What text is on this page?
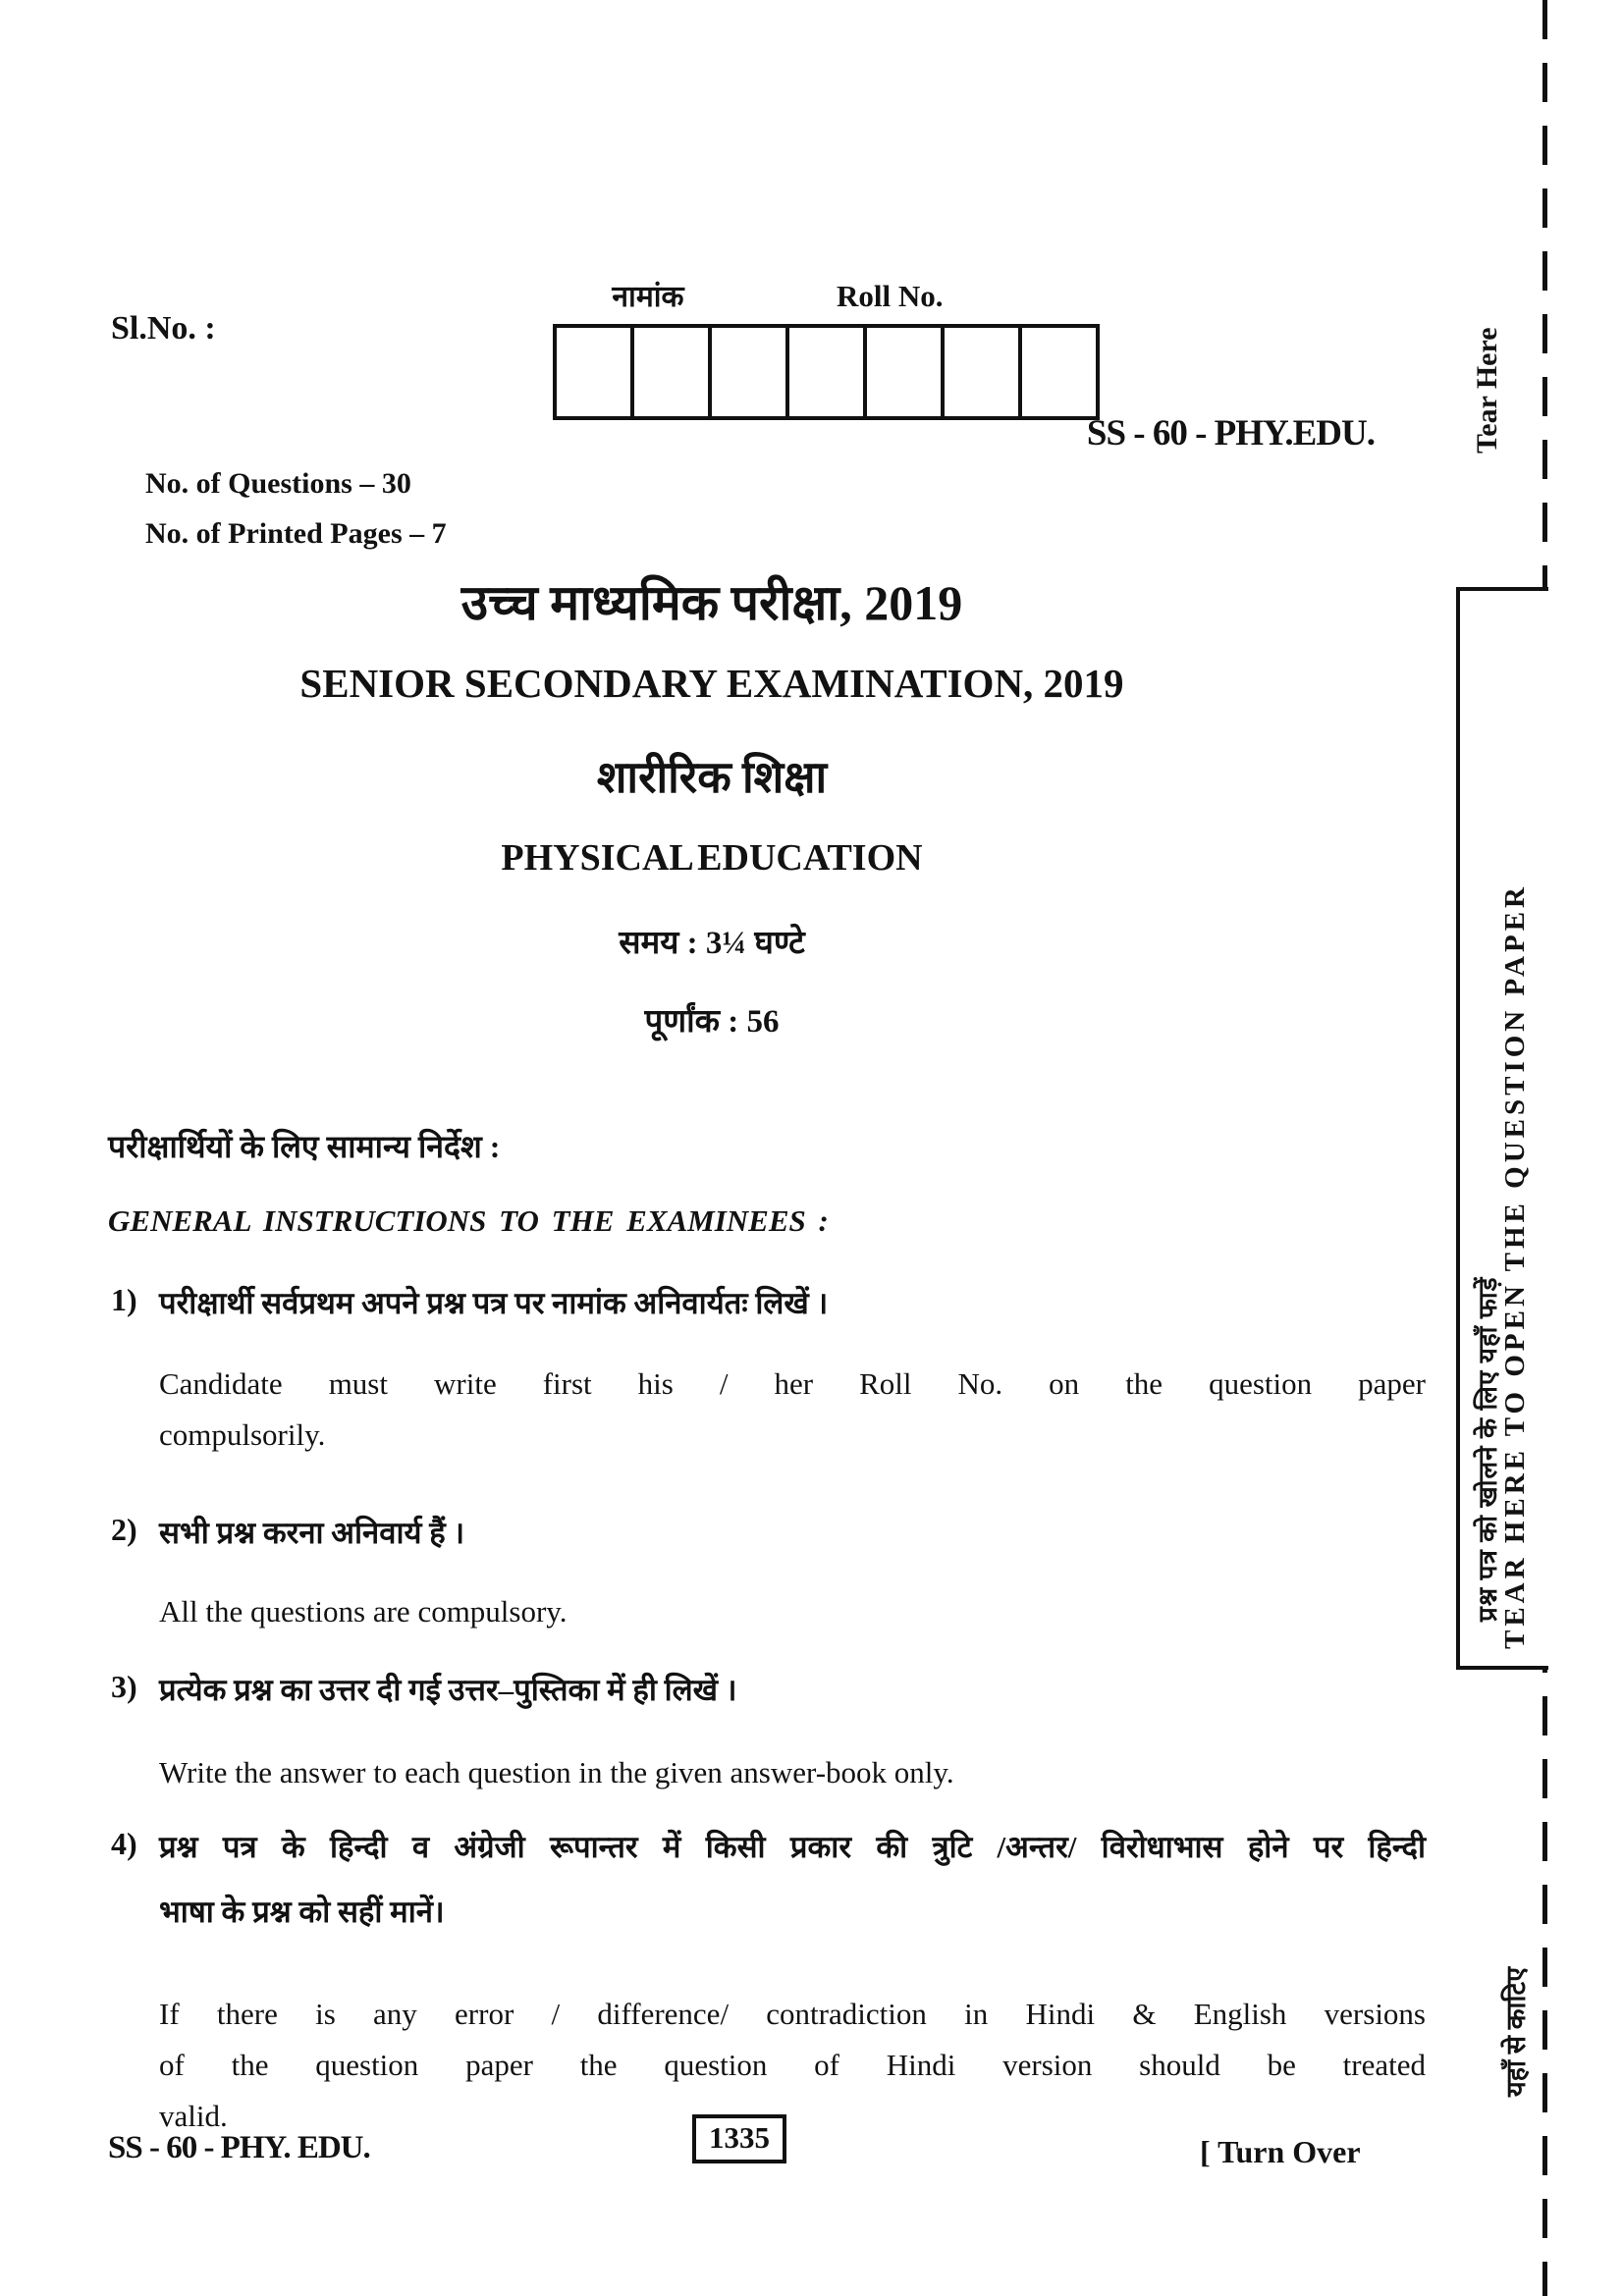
Sl.No. :
नामांक	Roll No.
SS - 60 - PHY.EDU.
No. of Questions – 30
No. of Printed Pages – 7
उच्च माध्यमिक परीक्षा, 2019
SENIOR SECONDARY EXAMINATION, 2019
शारीरिक शिक्षा
PHYSICAL EDUCATION
समय : 3¼ घण्टे
पूर्णांक : 56
परीक्षार्थियों के लिए सामान्य निर्देश :
GENERAL INSTRUCTIONS TO THE EXAMINEES :
1) परीक्षार्थी सर्वप्रथम अपने प्रश्न पत्र पर नामांक अनिवार्यतः लिखें ।
Candidate must write first his / her Roll No. on the question paper
compulsorily.
2) सभी प्रश्न करना अनिवार्य हैं ।
All the questions are compulsory.
3) प्रत्येक प्रश्न का उत्तर दी गई उत्तर–पुस्तिका में ही लिखें ।
Write the answer to each question in the given answer-book only.
4) प्रश्न पत्र के हिन्दी व अंग्रेजी रूपान्तर में किसी प्रकार की त्रुटि /अन्तर/ विरोधाभास होने पर हिन्दी
भाषा के प्रश्न को सहीं मानें।
If there is any error / difference/ contradiction in Hindi & English versions
of the question paper the question of Hindi version should be treated
valid.
SS - 60 - PHY. EDU.	1335	[ Turn Over
Tear Here
प्रश्न पत्र को खोलने के लिए यहाँ फाड़ें
TEAR HERE TO OPEN THE QUESTION PAPER
यहाँ से काटिए
